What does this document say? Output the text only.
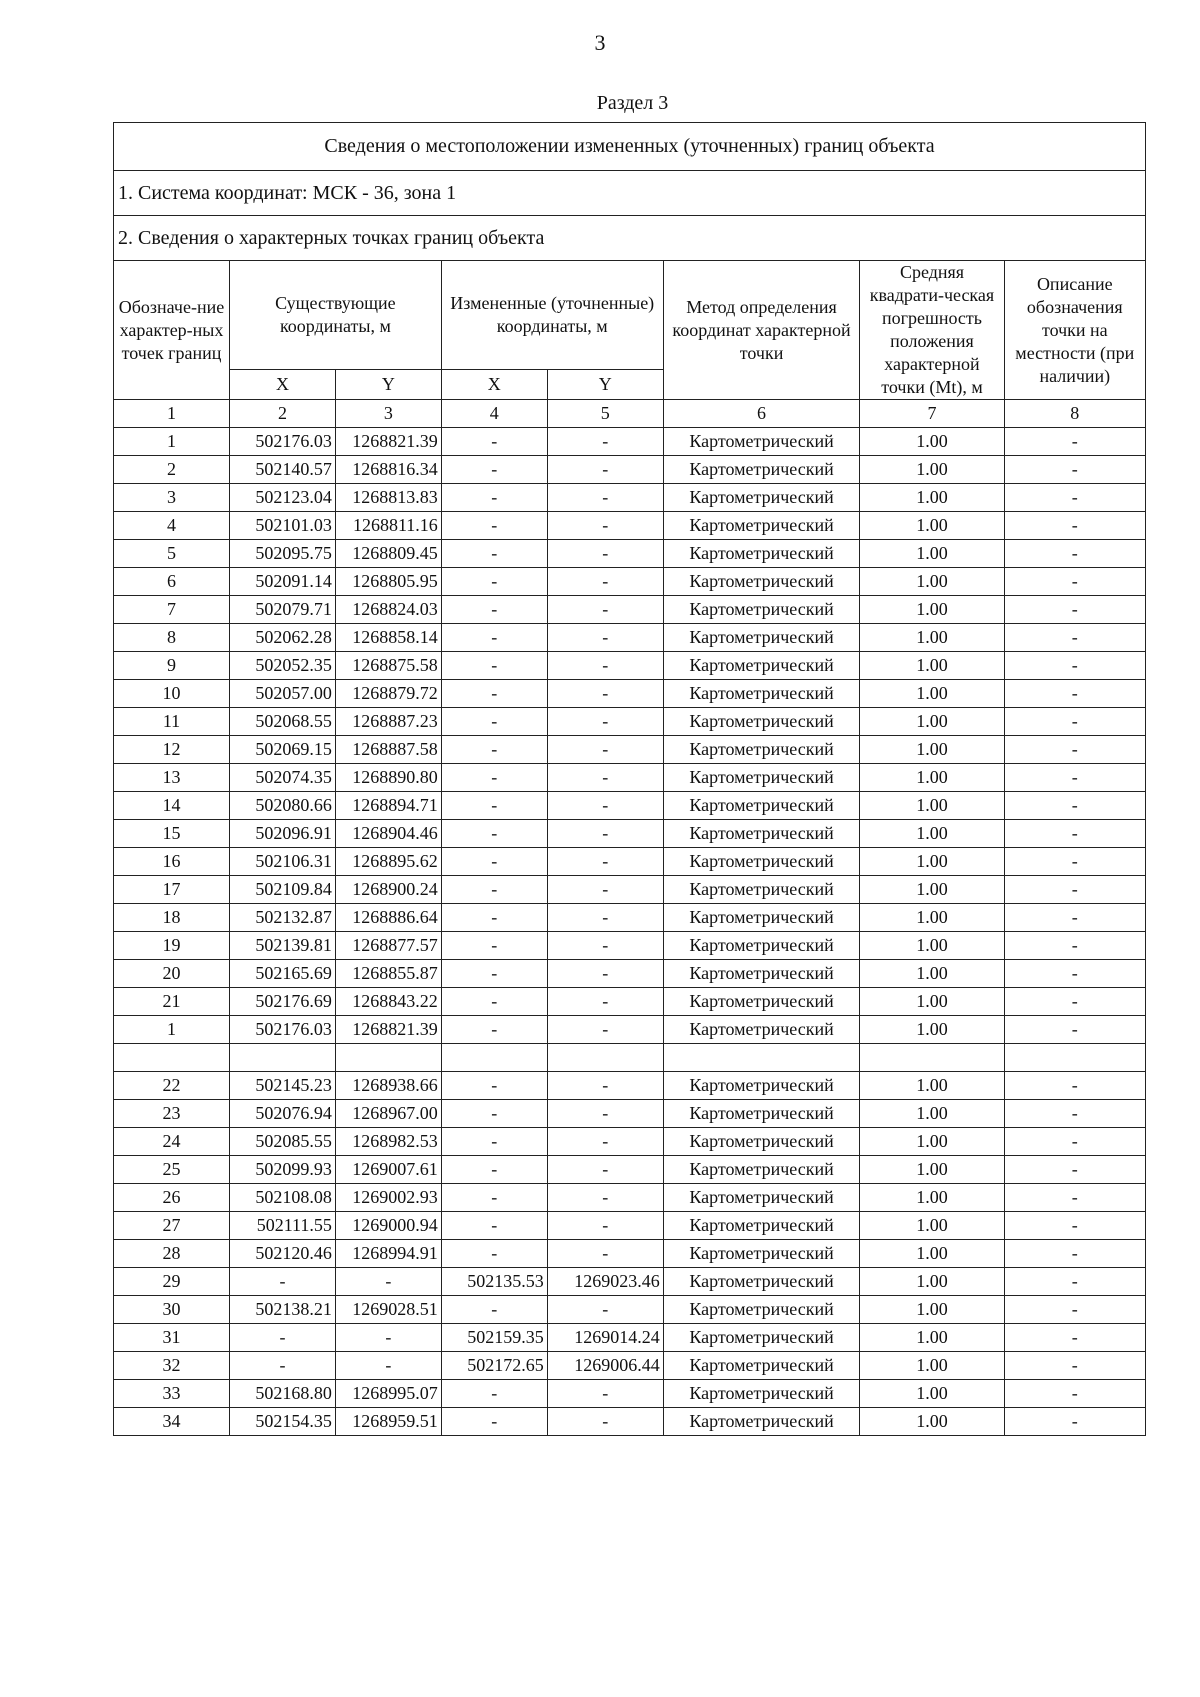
3
Раздел 3
Сведения о местоположении измененных (уточненных) границ объекта							
1. Система координат: МСК - 36, зона 1							
2. Сведения о характерных точках границ объекта							
Обозначе-ние характер-ных точек границ	Существующие координаты, м		Измененные (уточненные) координаты, м		Метод определения координат характерной точки	Средняя квадрати-ческая погрешность положения характерной точки (Mt), м	Описание обозначения точки на местности (при наличии)
	X	Y	X	Y			
1	2	3	4	5	6	7	8
1	502176.03	1268821.39	-	-	Картометрический	1.00	-
2	502140.57	1268816.34	-	-	Картометрический	1.00	-
3	502123.04	1268813.83	-	-	Картометрический	1.00	-
4	502101.03	1268811.16	-	-	Картометрический	1.00	-
5	502095.75	1268809.45	-	-	Картометрический	1.00	-
6	502091.14	1268805.95	-	-	Картометрический	1.00	-
7	502079.71	1268824.03	-	-	Картометрический	1.00	-
8	502062.28	1268858.14	-	-	Картометрический	1.00	-
9	502052.35	1268875.58	-	-	Картометрический	1.00	-
10	502057.00	1268879.72	-	-	Картометрический	1.00	-
11	502068.55	1268887.23	-	-	Картометрический	1.00	-
12	502069.15	1268887.58	-	-	Картометрический	1.00	-
13	502074.35	1268890.80	-	-	Картометрический	1.00	-
14	502080.66	1268894.71	-	-	Картометрический	1.00	-
15	502096.91	1268904.46	-	-	Картометрический	1.00	-
16	502106.31	1268895.62	-	-	Картометрический	1.00	-
17	502109.84	1268900.24	-	-	Картометрический	1.00	-
18	502132.87	1268886.64	-	-	Картометрический	1.00	-
19	502139.81	1268877.57	-	-	Картометрический	1.00	-
20	502165.69	1268855.87	-	-	Картометрический	1.00	-
21	502176.69	1268843.22	-	-	Картометрический	1.00	-
1	502176.03	1268821.39	-	-	Картометрический	1.00	-

22	502145.23	1268938.66	-	-	Картометрический	1.00	-
23	502076.94	1268967.00	-	-	Картометрический	1.00	-
24	502085.55	1268982.53	-	-	Картометрический	1.00	-
25	502099.93	1269007.61	-	-	Картометрический	1.00	-
26	502108.08	1269002.93	-	-	Картометрический	1.00	-
27	502111.55	1269000.94	-	-	Картометрический	1.00	-
28	502120.46	1268994.91	-	-	Картометрический	1.00	-
29	-	-	502135.53	1269023.46	Картометрический	1.00	-
30	502138.21	1269028.51	-	-	Картометрический	1.00	-
31	-	-	502159.35	1269014.24	Картометрический	1.00	-
32	-	-	502172.65	1269006.44	Картометрический	1.00	-
33	502168.80	1268995.07	-	-	Картометрический	1.00	-
34	502154.35	1268959.51	-	-	Картометрический	1.00	-
